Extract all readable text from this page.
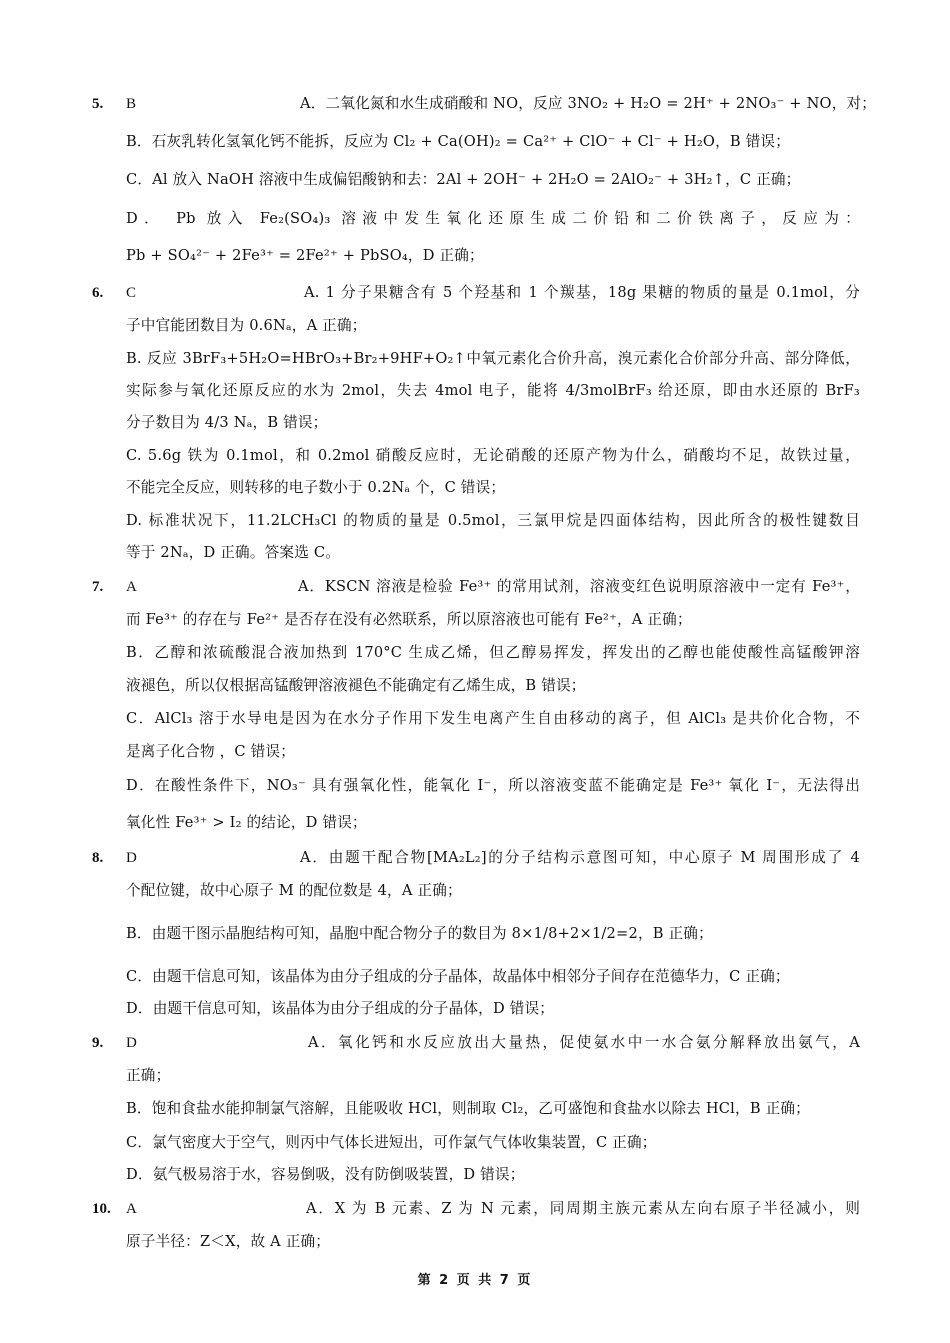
5.	B	A．二氧化氮和水生成硝酸和 NO，反应 3NO₂ + H₂O = 2H⁺ + 2NO₃⁻ + NO，对；
B．石灰乳转化氢氧化钙不能拆，反应为 Cl₂ + Ca(OH)₂ = Ca²⁺ + ClO⁻ + Cl⁻ + H₂O，B 错误；
C．Al 放入 NaOH 溶液中生成偏铝酸钠和去：2Al + 2OH⁻ + 2H₂O = 2AlO₂⁻ + 3H₂↑，C 正确；
D． Pb 放入 Fe₂(SO₄)₃ 溶液中发生氧化还原生成二价铅和二价铁离子，反应为：
Pb + SO₄²⁻ + 2Fe³⁺ = 2Fe²⁺ + PbSO₄，D 正确；
6.	C	A. 1 分子果糖含有 5 个羟基和 1 个羰基，18g 果糖的物质的量是 0.1mol，分
子中官能团数目为 0.6Nₐ，A 正确；
B. 反应 3BrF₃+5H₂O=HBrO₃+Br₂+9HF+O₂↑中氧元素化合价升高，溴元素化合价部分升高、部分降低，
实际参与氧化还原反应的水为 2mol，失去 4mol 电子，能将 4/3molBrF₃ 给还原，即由水还原的 BrF₃
分子数目为 4/3 Nₐ，B 错误；
C. 5.6g 铁为 0.1mol，和 0.2mol 硝酸反应时，无论硝酸的还原产物为什么，硝酸均不足，故铁过量，
不能完全反应，则转移的电子数小于 0.2Nₐ 个，C 错误；
D. 标准状况下，11.2LCH₃Cl 的物质的量是 0.5mol，三氯甲烷是四面体结构，因此所含的极性键数目
等于 2Nₐ，D 正确。答案选 C。
7.	A	A．KSCN 溶液是检验 Fe³⁺ 的常用试剂，溶液变红色说明原溶液中一定有 Fe³⁺，
而 Fe³⁺ 的存在与 Fe²⁺ 是否存在没有必然联系，所以原溶液也可能有 Fe²⁺，A 正确；
B．乙醇和浓硫酸混合液加热到 170°C 生成乙烯，但乙醇易挥发，挥发出的乙醇也能使酸性高锰酸钾溶
液褪色，所以仅根据高锰酸钾溶液褪色不能确定有乙烯生成，B 错误；
C．AlCl₃ 溶于水导电是因为在水分子作用下发生电离产生自由移动的离子，但 AlCl₃ 是共价化合物，不
是离子化合物 ，C 错误；
D．在酸性条件下，NO₃⁻ 具有强氧化性，能氧化 I⁻，所以溶液变蓝不能确定是 Fe³⁺ 氧化 I⁻，无法得出
氧化性 Fe³⁺ > I₂ 的结论，D 错误；
8.	D	A．由题干配合物[MA₂L₂]的分子结构示意图可知，中心原子 M 周围形成了 4
个配位键，故中心原子 M 的配位数是 4，A 正确；
B．由题干图示晶胞结构可知，晶胞中配合物分子的数目为 8×1/8+2×1/2=2，B 正确；
C．由题干信息可知，该晶体为由分子组成的分子晶体，故晶体中相邻分子间存在范德华力，C 正确；
D．由题干信息可知，该晶体为由分子组成的分子晶体，D 错误；
9.	D	A．氧化钙和水反应放出大量热，促使氨水中一水合氨分解释放出氨气，A
正确；
B．饱和食盐水能抑制氯气溶解，且能吸收 HCl，则制取 Cl₂，乙可盛饱和食盐水以除去 HCl，B 正确；
C．氯气密度大于空气，则丙中气体长进短出，可作氯气气体收集装置，C 正确；
D．氨气极易溶于水，容易倒吸，没有防倒吸装置，D 错误；
10.	A	A．X 为 B 元素、Z 为 N 元素，同周期主族元素从左向右原子半径减小，则
原子半径：Z＜X，故 A 正确；
第 2 页 共 7 页
